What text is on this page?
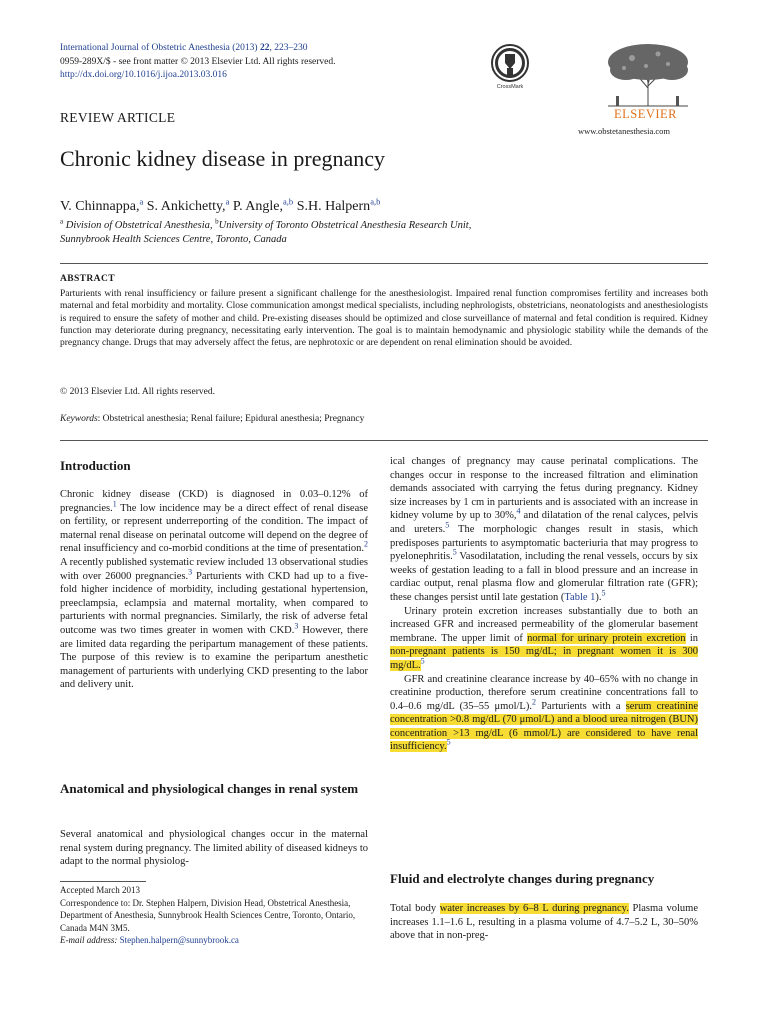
International Journal of Obstetric Anesthesia (2013) 22, 223–230
0959-289X/$ - see front matter © 2013 Elsevier Ltd. All rights reserved.
http://dx.doi.org/10.1016/j.ijoa.2013.03.016
CrossMark
ELSEVIER
www.obstetanesthesia.com
REVIEW ARTICLE
Chronic kidney disease in pregnancy
V. Chinnappa,$^a$ S. Ankichetty,$^a$ P. Angle,$^{a,b}$ S.H. Halpern$^{a,b}$
$^a$ Division of Obstetrical Anesthesia, $^b$University of Toronto Obstetrical Anesthesia Research Unit,
Sunnybrook Health Sciences Centre, Toronto, Canada
ABSTRACT
Parturients with renal insufficiency or failure present a significant challenge for the anesthesiologist. Impaired renal function compromises fertility and increases both maternal and fetal morbidity and mortality. Close communication amongst medical specialists, including nephrologists, obstetricians, neonatologists and anesthesiologists is required to ensure the safety of mother and child. Pre-existing diseases should be optimized and close surveillance of maternal and fetal condition is required. Kidney function may deteriorate during pregnancy, necessitating early intervention. The goal is to maintain hemodynamic and physiologic stability while the demands of the pregnancy change. Drugs that may adversely affect the fetus, are nephrotoxic or are dependent on renal elimination should be avoided.
© 2013 Elsevier Ltd. All rights reserved.
Keywords: Obstetrical anesthesia; Renal failure; Epidural anesthesia; Pregnancy
Introduction
Chronic kidney disease (CKD) is diagnosed in 0.03–0.12% of pregnancies.$^1$ The low incidence may be a direct effect of renal disease on fertility, or represent underreporting of the condition. The impact of maternal renal disease on perinatal outcome will depend on the degree of renal insufficiency and co-morbid conditions at the time of presentation.$^2$ A recently published systematic review included 13 observational studies with over 26000 pregnancies.$^3$ Parturients with CKD had up to a five-fold higher incidence of morbidity, including gestational hypertension, preeclampsia, eclampsia and maternal mortality, when compared to parturients with normal pregnancies. Similarly, the risk of adverse fetal outcome was two times greater in women with CKD.$^3$ However, there are limited data regarding the peripartum management of these patients. The purpose of this review is to examine the peripartum anesthetic management of parturients with underlying CKD presenting to the labor and delivery unit.
Anatomical and physiological changes in renal system
Several anatomical and physiological changes occur in the maternal renal system during pregnancy. The limited ability of diseased kidneys to adapt to the normal physiolog-
Accepted March 2013
Correspondence to: Dr. Stephen Halpern, Division Head, Obstetrical Anesthesia, Department of Anesthesia, Sunnybrook Health Sciences Centre, Toronto, Ontario, Canada M4N 3M5.
E-mail address: Stephen.halpern@sunnybrook.ca
ical changes of pregnancy may cause perinatal complications. The changes occur in response to the increased filtration and elimination demands associated with carrying the fetus during pregnancy. Kidney size increases by 1 cm in parturients and is associated with an increase in kidney volume by up to 30%,$^4$ and dilatation of the renal calyces, pelvis and ureters.$^5$ The morphologic changes result in stasis, which predisposes parturients to asymptomatic bacteriuria that may progress to pyelonephritis.$^5$ Vasodilatation, including the renal vessels, occurs by six weeks of gestation leading to a fall in blood pressure and an increase in cardiac output, renal plasma flow and glomerular filtration rate (GFR); these changes persist until late gestation (Table 1).$^5$
Urinary protein excretion increases substantially due to both an increased GFR and increased permeability of the glomerular basement membrane. The upper limit of normal for urinary protein excretion in non-pregnant patients is 150 mg/dL; in pregnant women it is 300 mg/dL.$^5$
GFR and creatinine clearance increase by 40–65% with no change in creatinine production, therefore serum creatinine concentrations fall to 0.4–0.6 mg/dL (35–55 μmol/L).$^2$ Parturients with a serum creatinine concentration >0.8 mg/dL (70 μmol/L) and a blood urea nitrogen (BUN) concentration >13 mg/dL (6 mmol/L) are considered to have renal insufficiency.$^5$
Fluid and electrolyte changes during pregnancy
Total body water increases by 6–8 L during pregnancy. Plasma volume increases 1.1–1.6 L, resulting in a plasma volume of 4.7–5.2 L, 30–50% above that in non-preg-
